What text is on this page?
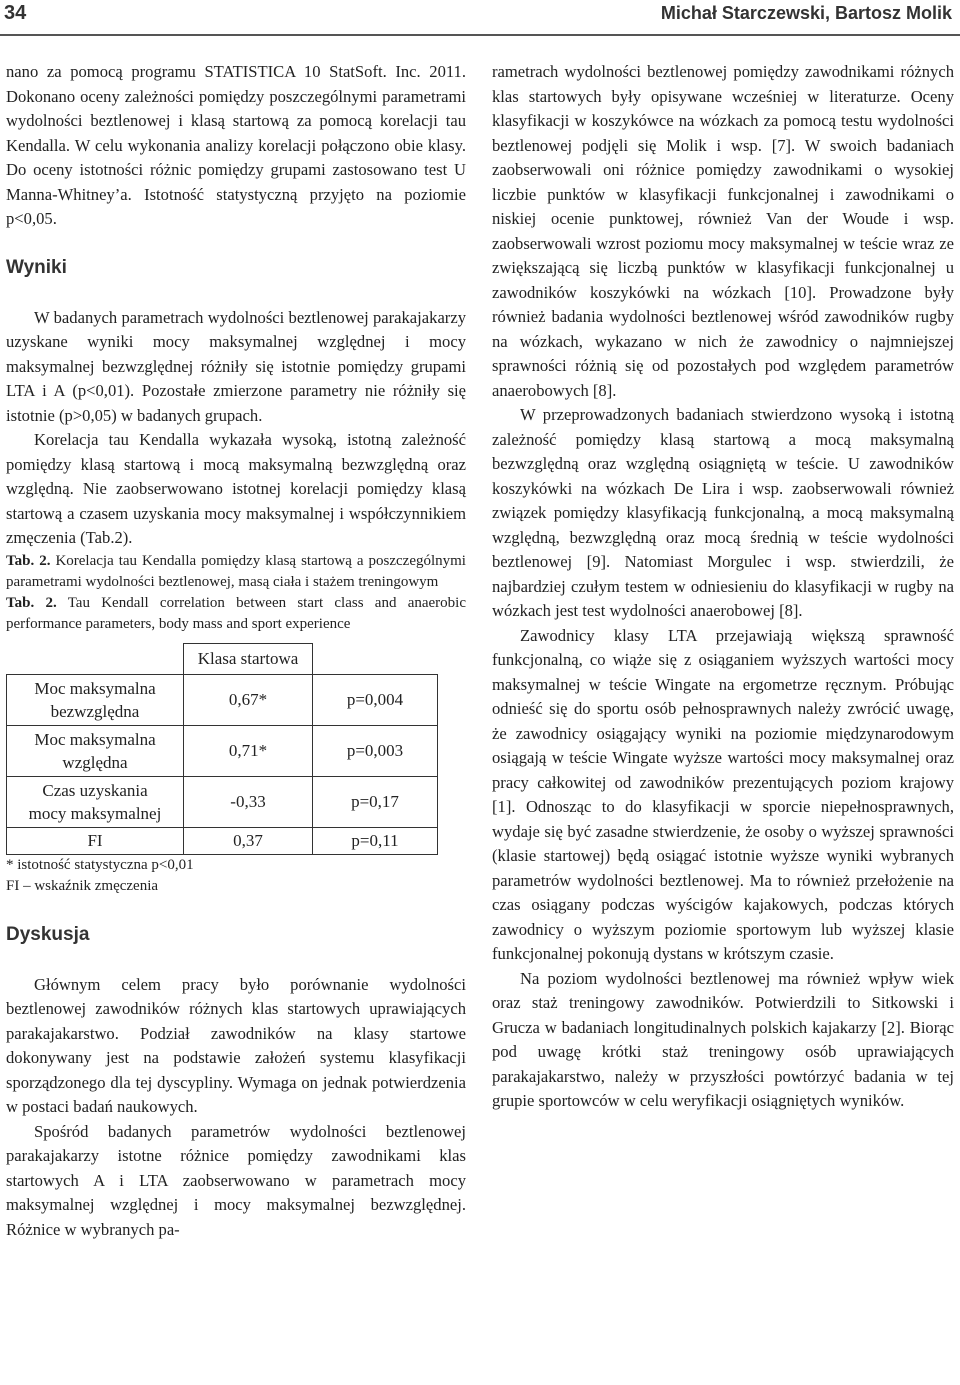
34	Michał Starczewski, Bartosz Molik

nano za pomocą programu STATISTICA 10 StatSoft. Inc. 2011. Dokonano oceny zależności pomiędzy poszczególnymi parametrami wydolności beztlenowej i klasą startową za pomocą korelacji tau Kendalla. W celu wykonania analizy korelacji połączono obie klasy. Do oceny istotności różnic pomiędzy grupami zastosowano test U Manna-Whitney’a. Istotność statystyczną przyjęto na poziomie p<0,05.

Wyniki

W badanych parametrach wydolności beztlenowej parakajakarzy uzyskane wyniki mocy maksymalnej względnej i mocy maksymalnej bezwzględnej różniły się istotnie pomiędzy grupami LTA i A (p<0,01). Pozostałe zmierzone parametry nie różniły się istotnie (p>0,05) w badanych grupach.

Korelacja tau Kendalla wykazała wysoką, istotną zależność pomiędzy klasą startową i mocą maksymalną bezwzględną oraz względną. Nie zaobserwowano istotnej korelacji pomiędzy klasą startową a czasem uzyskania mocy maksymalnej i współczynnikiem zmęczenia (Tab.2).

Tab. 2. Korelacja tau Kendalla pomiędzy klasą startową a poszczególnymi parametrami wydolności beztlenowej, masą ciała i stażem treningowym

Tab. 2. Tau Kendall correlation between start class and anaerobic performance parameters, body mass and sport experience

	Klasa startowa	
Moc maksymalna
bezwzględna	0,67*	p=0,004
Moc maksymalna
względna	0,71*	p=0,003
Czas uzyskania
mocy maksymalnej	-0,33	p=0,17
FI	0,37	p=0,11

* istotność statystyczna p<0,01

FI – wskaźnik zmęczenia

Dyskusja

Głównym celem pracy było porównanie wydolności beztlenowej zawodników różnych klas startowych uprawiających parakajakarstwo. Podział zawodników na klasy startowe dokonywany jest na podstawie założeń systemu klasyfikacji sporządzonego dla tej dyscypliny. Wymaga on jednak potwierdzenia w postaci badań naukowych.

Spośród badanych parametrów wydolności beztlenowej parakajakarzy istotne różnice pomiędzy zawodnikami klas startowych A i LTA zaobserwowano w parametrach mocy maksymalnej względnej i mocy maksymalnej bezwzględnej. Różnice w wybranych pa-

rametrach wydolności beztlenowej pomiędzy zawodnikami różnych klas startowych były opisywane wcześniej w literaturze. Oceny klasyfikacji w koszykówce na wózkach za pomocą testu wydolności beztlenowej podjęli się Molik i wsp. [7]. W swoich badaniach zaobserwowali oni różnice pomiędzy zawodnikami o wysokiej liczbie punktów w klasyfikacji funkcjonalnej i zawodnikami o niskiej ocenie punktowej, również Van der Woude i wsp. zaobserwowali wzrost poziomu mocy maksymalnej w teście wraz ze zwiększającą się liczbą punktów w klasyfikacji funkcjonalnej u zawodników koszykówki na wózkach [10]. Prowadzone były również badania wydolności beztlenowej wśród zawodników rugby na wózkach, wykazano w nich że zawodnicy o najmniejszej sprawności różnią się od pozostałych pod względem parametrów anaerobowych [8].

W przeprowadzonych badaniach stwierdzono wysoką i istotną zależność pomiędzy klasą startową a mocą maksymalną bezwzględną oraz względną osiągniętą w teście. U zawodników koszykówki na wózkach De Lira i wsp. zaobserwowali również związek pomiędzy klasyfikacją funkcjonalną, a mocą maksymalną względną, bezwzględną oraz mocą średnią w teście wydolności beztlenowej [9]. Natomiast Morgulec i wsp. stwierdzili, że najbardziej czułym testem w odniesieniu do klasyfikacji w rugby na wózkach jest test wydolności anaerobowej [8].

Zawodnicy klasy LTA przejawiają większą sprawność funkcjonalną, co wiąże się z osiąganiem wyższych wartości mocy maksymalnej w teście Wingate na ergometrze ręcznym. Próbując odnieść się do sportu osób pełnosprawnych należy zwrócić uwagę, że zawodnicy osiągający wyniki na poziomie międzynarodowym osiągają w teście Wingate wyższe wartości mocy maksymalnej oraz pracy całkowitej od zawodników prezentujących poziom krajowy [1]. Odnosząc to do klasyfikacji w sporcie niepełnosprawnych, wydaje się być zasadne stwierdzenie, że osoby o wyższej sprawności (klasie startowej) będą osiągać istotnie wyższe wyniki wybranych parametrów wydolności beztlenowej. Ma to również przełożenie na czas osiągany podczas wyścigów kajakowych, podczas których zawodnicy o wyższym poziomie sportowym lub wyższej klasie funkcjonalnej pokonują dystans w krótszym czasie.

Na poziom wydolności beztlenowej ma również wpływ wiek oraz staż treningowy zawodników. Potwierdzili to Sitkowski i Grucza w badaniach longitudinalnych polskich kajakarzy [2]. Biorąc pod uwagę krótki staż treningowy osób uprawiających parakajakarstwo, należy w przyszłości powtórzyć badania w tej grupie sportowców w celu weryfikacji osiągniętych wyników.
